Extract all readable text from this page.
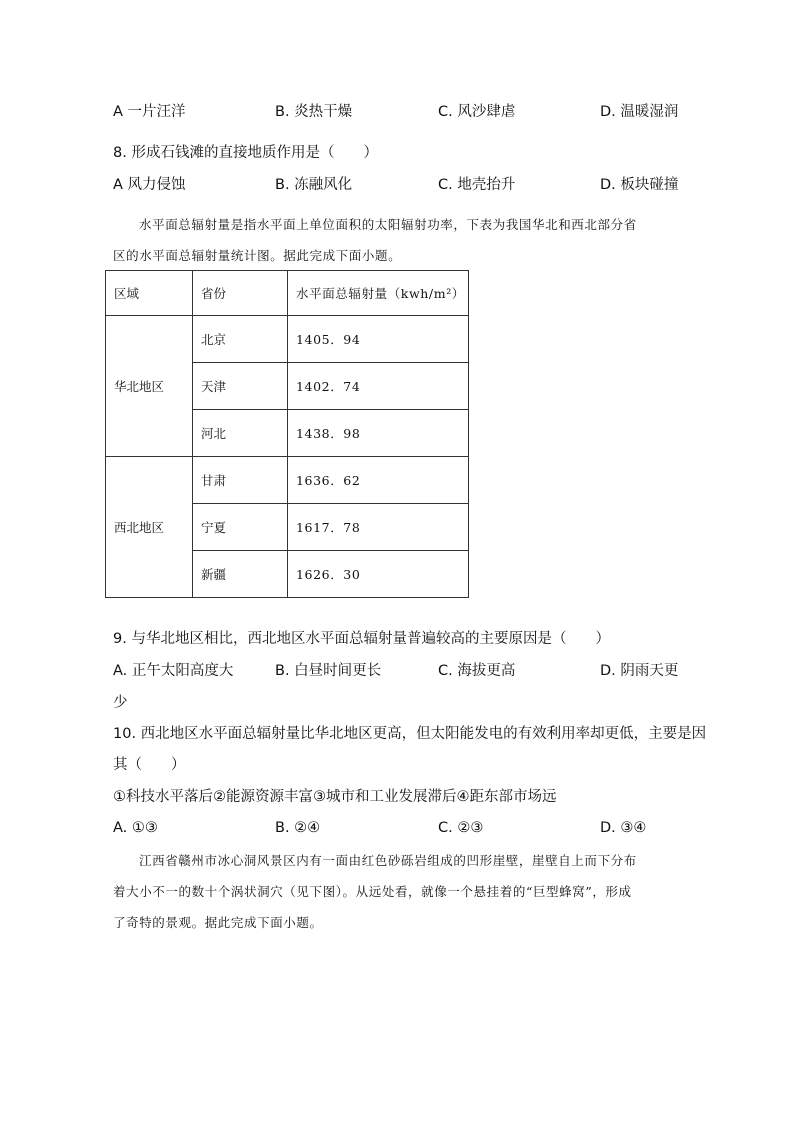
A 一片汪洋	B. 炎热干燥	C. 风沙肆虐	D. 温暖湿润
8. 形成石钱滩的直接地质作用是（　　）
A 风力侵蚀	B. 冻融风化	C. 地壳抬升	D. 板块碰撞
水平面总辐射量是指水平面上单位面积的太阳辐射功率，下表为我国华北和西北部分省
区的水平面总辐射量统计图。据此完成下面小题。
区域	省份	水平面总辐射量（kwh/m²）
华北地区	北京	1405．94
	天津	1402．74
	河北	1438．98
西北地区	甘肃	1636．62
	宁夏	1617．78
	新疆	1626．30
9. 与华北地区相比，西北地区水平面总辐射量普遍较高的主要原因是（　　）
A. 正午太阳高度大	B. 白昼时间更长	C. 海拔更高	D. 阴雨天更
少
10. 西北地区水平面总辐射量比华北地区更高，但太阳能发电的有效利用率却更低，主要是因
其（　　）
①科技水平落后②能源资源丰富③城市和工业发展滞后④距东部市场远
A. ①③	B. ②④	C. ②③	D. ③④
江西省赣州市冰心洞风景区内有一面由红色砂砾岩组成的凹形崖壁，崖壁自上而下分布
着大小不一的数十个涡状洞穴（见下图）。从远处看，就像一个悬挂着的“巨型蜂窝”，形成
了奇特的景观。据此完成下面小题。
